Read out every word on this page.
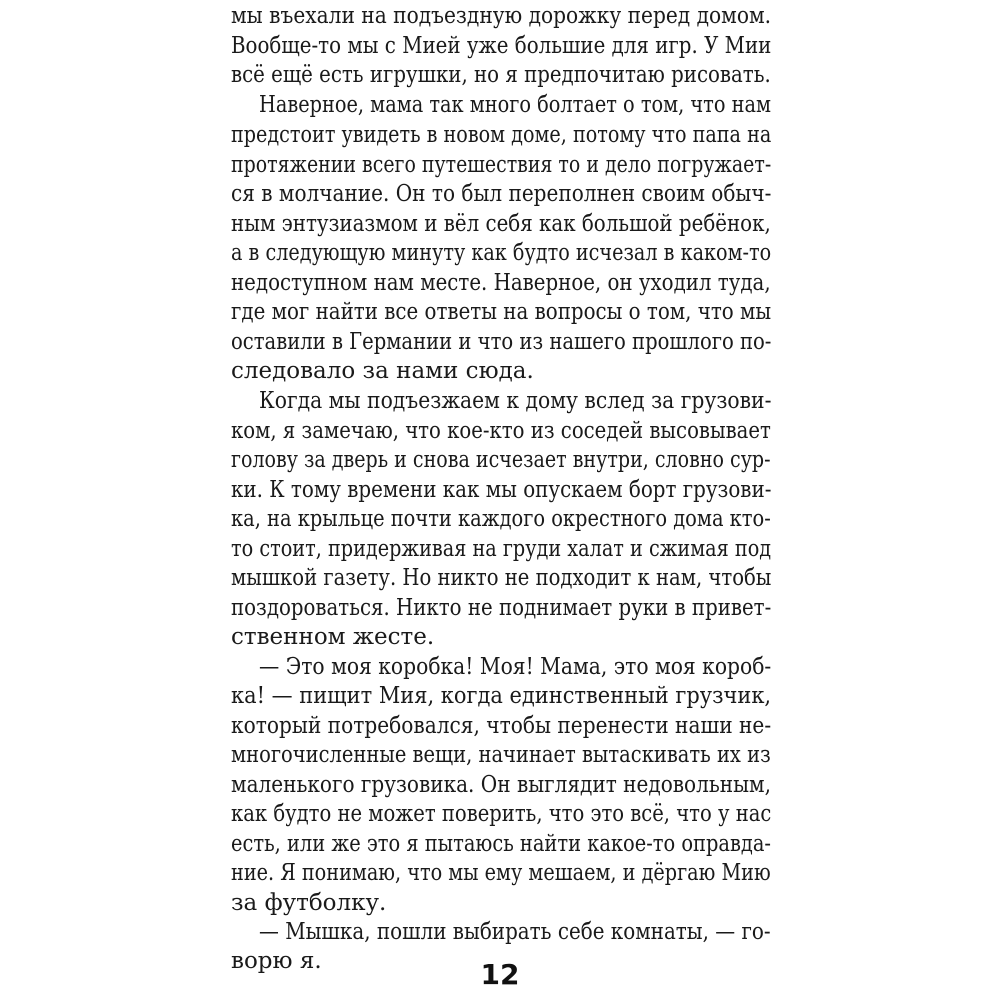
мы въехали на подъездную дорожку перед домом.
Вообще-то мы с Мией уже большие для игр. У Мии
всё ещё есть игрушки, но я предпочитаю рисовать.
Наверное, мама так много болтает о том, что нам
предстоит увидеть в новом доме, потому что папа на
протяжении всего путешествия то и дело погружает-
ся в молчание. Он то был переполнен своим обыч-
ным энтузиазмом и вёл себя как большой ребёнок,
а в следующую минуту как будто исчезал в каком-то
недоступном нам месте. Наверное, он уходил туда,
где мог найти все ответы на вопросы о том, что мы
оставили в Германии и что из нашего прошлого по-
следовало за нами сюда.
Когда мы подъезжаем к дому вслед за грузови-
ком, я замечаю, что кое-кто из соседей высовывает
голову за дверь и снова исчезает внутри, словно сур-
ки. К тому времени как мы опускаем борт грузови-
ка, на крыльце почти каждого окрестного дома кто-
то стоит, придерживая на груди халат и сжимая под
мышкой газету. Но никто не подходит к нам, чтобы
поздороваться. Никто не поднимает руки в привет-
ственном жесте.
— Это моя коробка! Моя! Мама, это моя короб-
ка! — пищит Мия, когда единственный грузчик,
который потребовался, чтобы перенести наши не-
многочисленные вещи, начинает вытаскивать их из
маленького грузовика. Он выглядит недовольным,
как будто не может поверить, что это всё, что у нас
есть, или же это я пытаюсь найти какое-то оправда-
ние. Я понимаю, что мы ему мешаем, и дёргаю Мию
за футболку.
— Мышка, пошли выбирать себе комнаты, — го-
ворю я.	12
